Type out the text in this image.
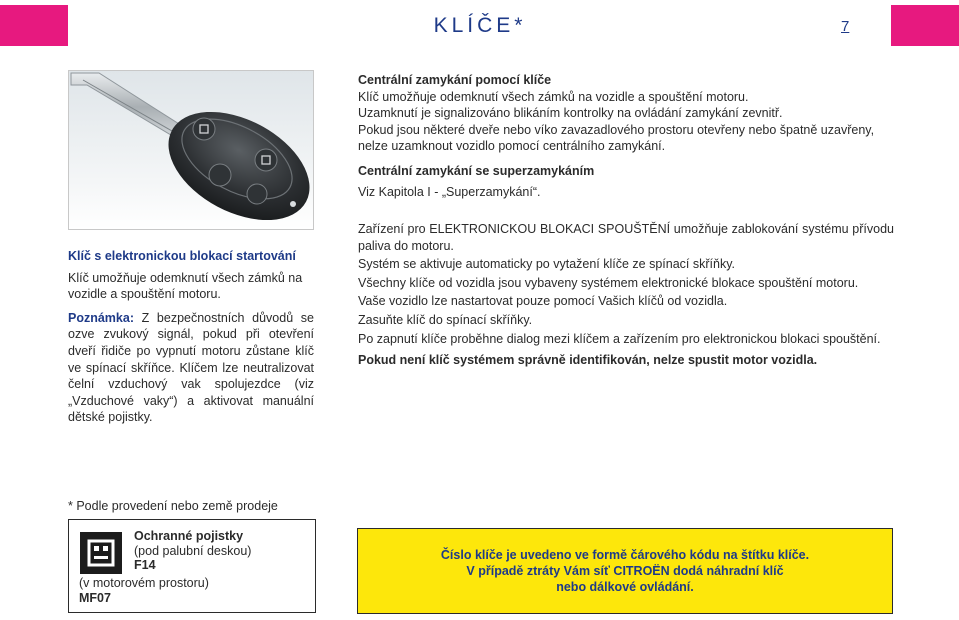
KLÍČE*	7

Klíč s elektronickou blokací startování

Klíč umožňuje odemknutí všech zámků na vozidle a spouštění motoru.

Poznámka: Z bezpečnostních důvodů se ozve zvukový signál, pokud při otevření dveří řidiče po vypnutí motoru zůstane klíč ve spínací skříňce. Klíčem lze neutralizovat čelní vzduchový vak spolujezdce (viz „Vzduchové vaky“) a aktivovat manuální dětské pojistky.

Centrální zamykání pomocí klíče

Klíč umožňuje odemknutí všech zámků na vozidle a spouštění motoru.

Uzamknutí je signalizováno blikáním kontrolky na ovládání zamykání zevnitř.

Pokud jsou některé dveře nebo víko zavazadlového prostoru otevřeny nebo špatně uzavřeny, nelze uzamknout vozidlo pomocí centrálního zamykání.

Centrální zamykání se superzamykáním

Viz Kapitola I - „Superzamykání“.

Zařízení pro ELEKTRONICKOU BLOKACI SPOUŠTĚNÍ umožňuje zablokování systému přívodu paliva do motoru.

Systém se aktivuje automaticky po vytažení klíče ze spínací skříňky.

Všechny klíče od vozidla jsou vybaveny systémem elektronické blokace spouštění motoru.

Vaše vozidlo lze nastartovat pouze pomocí Vašich klíčů od vozidla.

Zasuňte klíč do spínací skříňky.

Po zapnutí klíče proběhne dialog mezi klíčem a zařízením pro elektronickou blokaci spouštění.

Pokud není klíč systémem správně identifikován, nelze spustit motor vozidla.

* Podle provedení nebo země prodeje
Ochranné pojistky
(pod palubní deskou)
F14
(v motorovém prostoru)
MF07

Číslo klíče je uvedeno ve formě čárového kódu na štítku klíče.

V případě ztráty Vám síť CITROËN dodá náhradní klíč

nebo dálkové ovládání.
